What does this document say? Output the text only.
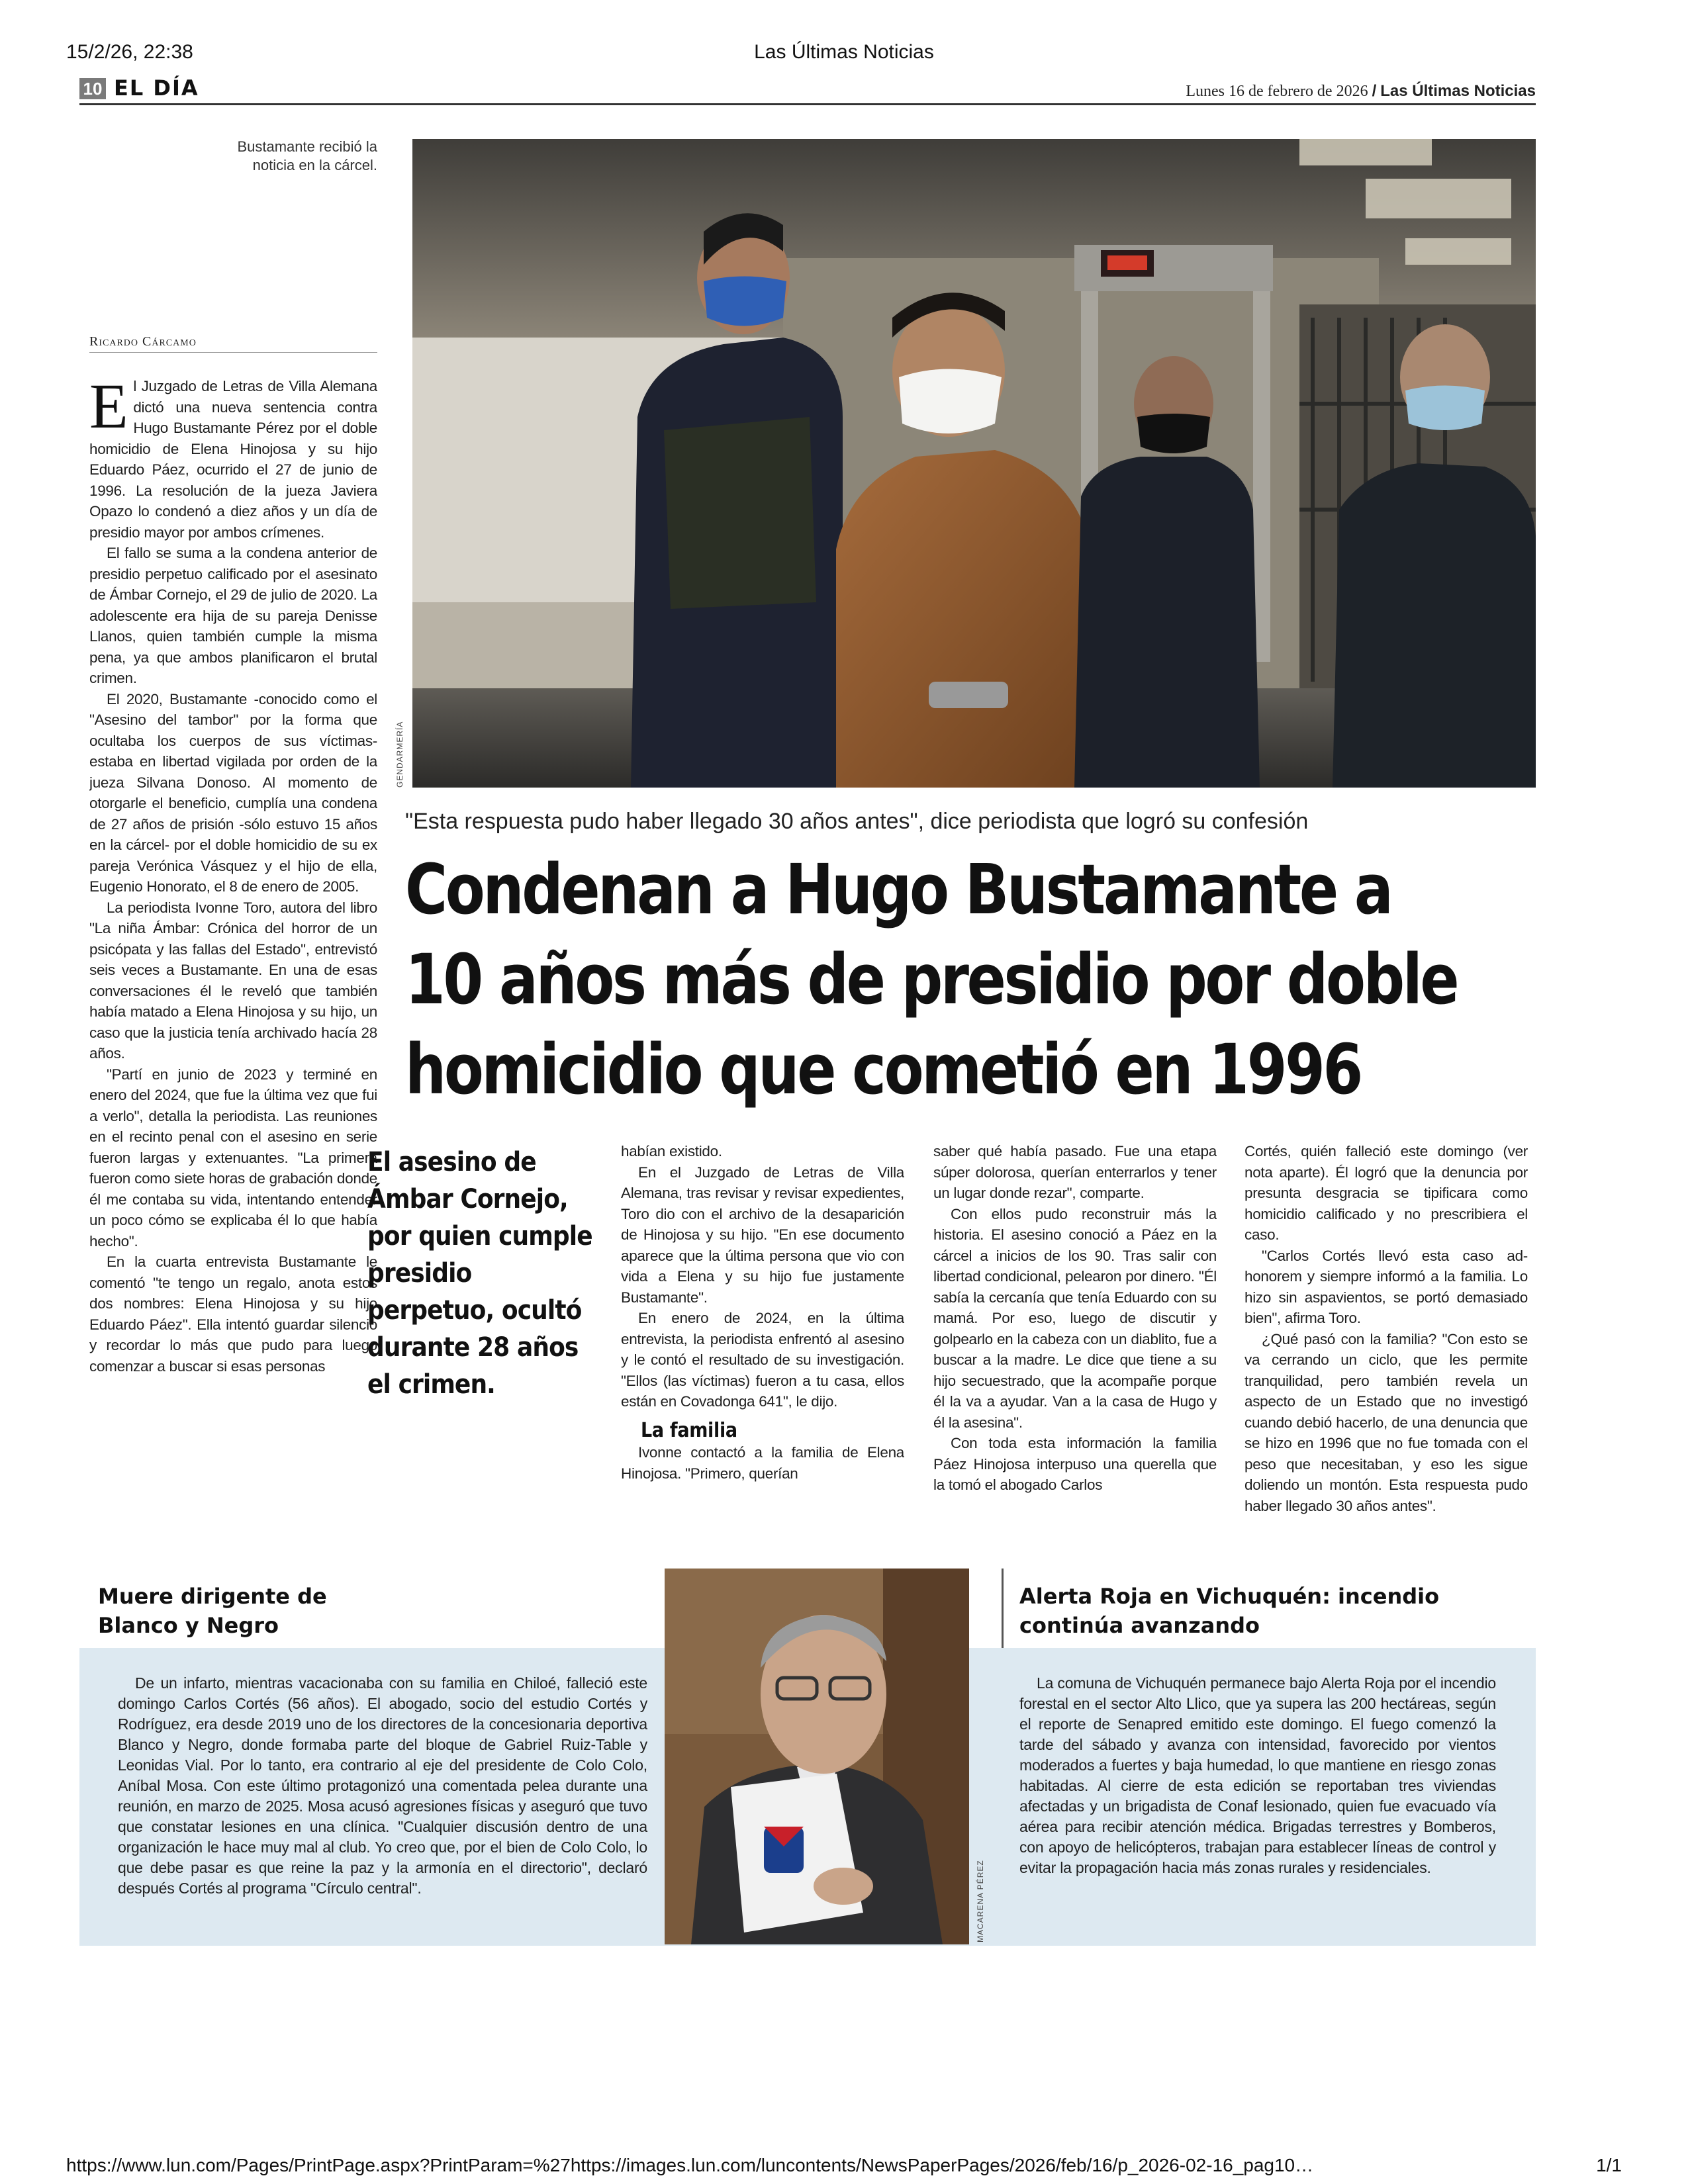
15/2/26, 22:38	Las Últimas Noticias
10 EL DÍA	Lunes 16 de febrero de 2026 / Las Últimas Noticias
Bustamante recibió la noticia en la cárcel.
GENDARMERÍA
Ricardo Cárcamo

El Juzgado de Letras de Villa Alemana dictó una nueva sentencia contra Hugo Bustamante Pérez por el doble homicidio de Elena Hinojosa y su hijo Eduardo Páez, ocurrido el 27 de junio de 1996. La resolución de la jueza Javiera Opazo lo condenó a diez años y un día de presidio mayor por ambos crímenes.

El fallo se suma a la condena anterior de presidio perpetuo calificado por el asesinato de Ámbar Cornejo, el 29 de julio de 2020. La adolescente era hija de su pareja Denisse Llanos, quien también cumple la misma pena, ya que ambos planificaron el brutal crimen.

El 2020, Bustamante -conocido como el "Asesino del tambor" por la forma que ocultaba los cuerpos de sus víctimas- estaba en libertad vigilada por orden de la jueza Silvana Donoso. Al momento de otorgarle el beneficio, cumplía una condena de 27 años de prisión -sólo estuvo 15 años en la cárcel- por el doble homicidio de su ex pareja Verónica Vásquez y el hijo de ella, Eugenio Honorato, el 8 de enero de 2005.

La periodista Ivonne Toro, autora del libro "La niña Ámbar: Crónica del horror de un psicópata y las fallas del Estado", entrevistó seis veces a Bustamante. En una de esas conversaciones él le reveló que también había matado a Elena Hinojosa y su hijo, un caso que la justicia tenía archivado hacía 28 años.

"Partí en junio de 2023 y terminé en enero del 2024, que fue la última vez que fui a verlo", detalla la periodista. Las reuniones en el recinto penal con el asesino en serie fueron largas y extenuantes. "La primera fueron como siete horas de grabación donde él me contaba su vida, intentando entender un poco cómo se explicaba él lo que había hecho".

En la cuarta entrevista Bustamante le comentó "te tengo un regalo, anota estos dos nombres: Elena Hinojosa y su hijo Eduardo Páez". Ella intentó guardar silencio y recordar lo más que pudo para luego comenzar a buscar si esas personas

"Esta respuesta pudo haber llegado 30 años antes", dice periodista que logró su confesión
Condenan a Hugo Bustamante a
10 años más de presidio por doble
homicidio que cometió en 1996
El asesino de Ámbar Cornejo, por quien cumple presidio perpetuo, ocultó durante 28 años el crimen.

habían existido.

En el Juzgado de Letras de Villa Alemana, tras revisar y revisar expedientes, Toro dio con el archivo de la desaparición de Hinojosa y su hijo. "En ese documento aparece que la última persona que vio con vida a Elena y su hijo fue justamente Bustamante".

En enero de 2024, en la última entrevista, la periodista enfrentó al asesino y le contó el resultado de su investigación. "Ellos (las víctimas) fueron a tu casa, ellos están en Covadonga 641", le dijo.

La familia

Ivonne contactó a la familia de Elena Hinojosa. "Primero, querían

saber qué había pasado. Fue una etapa súper dolorosa, querían enterrarlos y tener un lugar donde rezar", comparte.

Con ellos pudo reconstruir más la historia. El asesino conoció a Páez en la cárcel a inicios de los 90. Tras salir con libertad condicional, pelearon por dinero. "Él sabía la cercanía que tenía Eduardo con su mamá. Por eso, luego de discutir y golpearlo en la cabeza con un diablito, fue a buscar a la madre. Le dice que tiene a su hijo secuestrado, que la acompañe porque él la va a ayudar. Van a la casa de Hugo y él la asesina".

Con toda esta información la familia Páez Hinojosa interpuso una querella que la tomó el abogado Carlos

Cortés, quién falleció este domingo (ver nota aparte). Él logró que la denuncia por presunta desgracia se tipificara como homicidio calificado y no prescribiera el caso.

"Carlos Cortés llevó esta caso ad-honorem y siempre informó a la familia. Lo hizo sin aspavientos, se portó demasiado bien", afirma Toro.

¿Qué pasó con la familia? "Con esto se va cerrando un ciclo, que les permite tranquilidad, pero también revela un aspecto de un Estado que no investigó cuando debió hacerlo, de una denuncia que se hizo en 1996 que no fue tomada con el peso que necesitaban, y eso les sigue doliendo un montón. Esta respuesta pudo haber llegado 30 años antes".

Muere dirigente de Blanco y Negro

De un infarto, mientras vacacionaba con su familia en Chiloé, falleció este domingo Carlos Cortés (56 años). El abogado, socio del estudio Cortés y Rodríguez, era desde 2019 uno de los directores de la concesionaria deportiva Blanco y Negro, donde formaba parte del bloque de Gabriel Ruiz-Table y Leonidas Vial. Por lo tanto, era contrario al eje del presidente de Colo Colo, Aníbal Mosa. Con este último protagonizó una comentada pelea durante una reunión, en marzo de 2025. Mosa acusó agresiones físicas y aseguró que tuvo que constatar lesiones en una clínica. "Cualquier discusión dentro de una organización le hace muy mal al club. Yo creo que, por el bien de Colo Colo, lo que debe pasar es que reine la paz y la armonía en el directorio", declaró después Cortés al programa "Círculo central".	MACARENA PÉREZ
Alerta Roja en Vichuquén: incendio continúa avanzando

La comuna de Vichuquén permanece bajo Alerta Roja por el incendio forestal en el sector Alto Llico, que ya supera las 200 hectáreas, según el reporte de Senapred emitido este domingo. El fuego comenzó la tarde del sábado y avanza con intensidad, favorecido por vientos moderados a fuertes y baja humedad, lo que mantiene en riesgo zonas habitadas. Al cierre de esta edición se reportaban tres viviendas afectadas y un brigadista de Conaf lesionado, quien fue evacuado vía aérea para recibir atención médica. Brigadas terrestres y Bomberos, con apoyo de helicópteros, trabajan para establecer líneas de control y evitar la propagación hacia más zonas rurales y residenciales.

https://www.lun.com/Pages/PrintPage.aspx?PrintParam=%27https://images.lun.com/luncontents/NewsPaperPages/2026/feb/16/p_2026-02-16_pag10…	1/1
